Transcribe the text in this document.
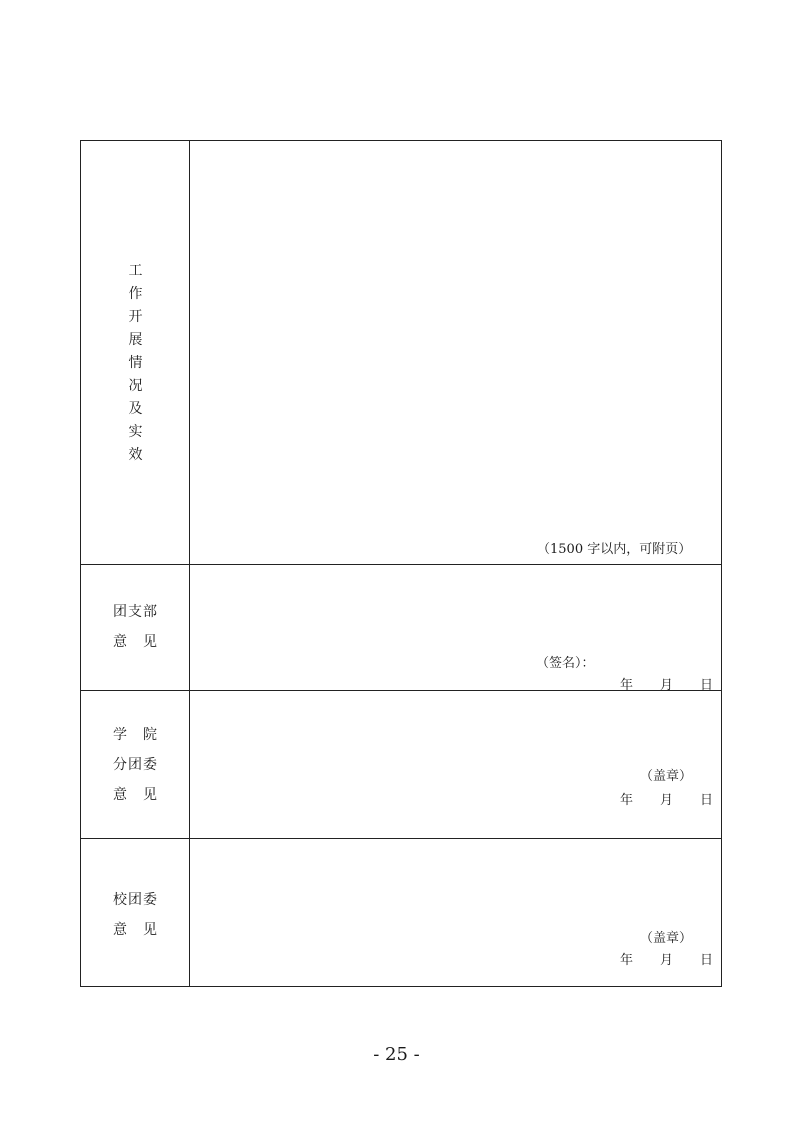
工
作
开
展
情
况
及
实
效
（1500 字以内，可附页）
团支部
意　见
（签名）：
年 月 日
学　院
分团委
意　见
（盖章）
年 月 日
校团委
意　见
（盖章）
年 月 日
- 25 -
